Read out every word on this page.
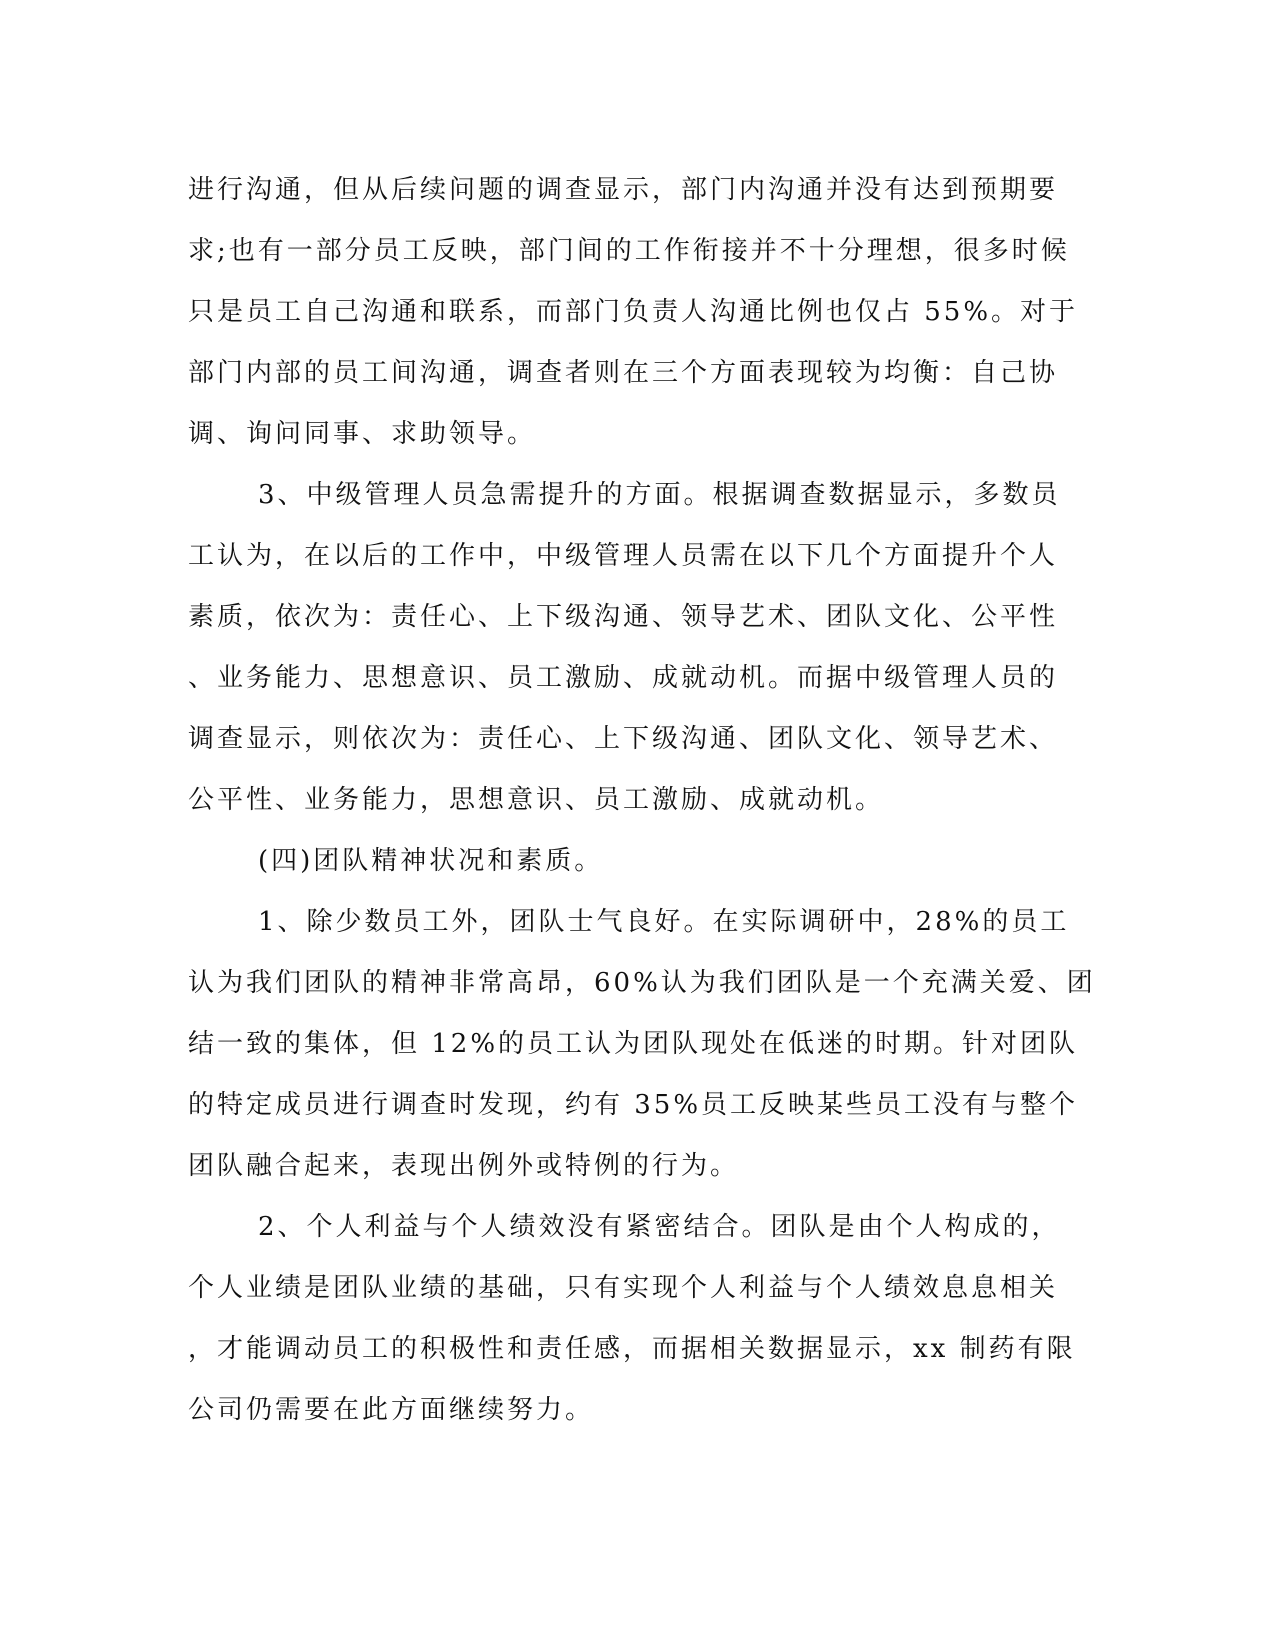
进行沟通，但从后续问题的调查显示，部门内沟通并没有达到预期要
求;也有一部分员工反映，部门间的工作衔接并不十分理想，很多时候
只是员工自己沟通和联系，而部门负责人沟通比例也仅占 55%。对于
部门内部的员工间沟通，调查者则在三个方面表现较为均衡：自己协
调、询问同事、求助领导。
3、中级管理人员急需提升的方面。根据调查数据显示，多数员
工认为，在以后的工作中，中级管理人员需在以下几个方面提升个人
素质，依次为：责任心、上下级沟通、领导艺术、团队文化、公平性
、业务能力、思想意识、员工激励、成就动机。而据中级管理人员的
调查显示，则依次为：责任心、上下级沟通、团队文化、领导艺术、
公平性、业务能力，思想意识、员工激励、成就动机。
(四)团队精神状况和素质。
1、除少数员工外，团队士气良好。在实际调研中，28%的员工
认为我们团队的精神非常高昂，60%认为我们团队是一个充满关爱、团
结一致的集体，但 12%的员工认为团队现处在低迷的时期。针对团队
的特定成员进行调查时发现，约有 35%员工反映某些员工没有与整个
团队融合起来，表现出例外或特例的行为。
2、个人利益与个人绩效没有紧密结合。团队是由个人构成的，
个人业绩是团队业绩的基础，只有实现个人利益与个人绩效息息相关
，才能调动员工的积极性和责任感，而据相关数据显示，xx 制药有限
公司仍需要在此方面继续努力。
